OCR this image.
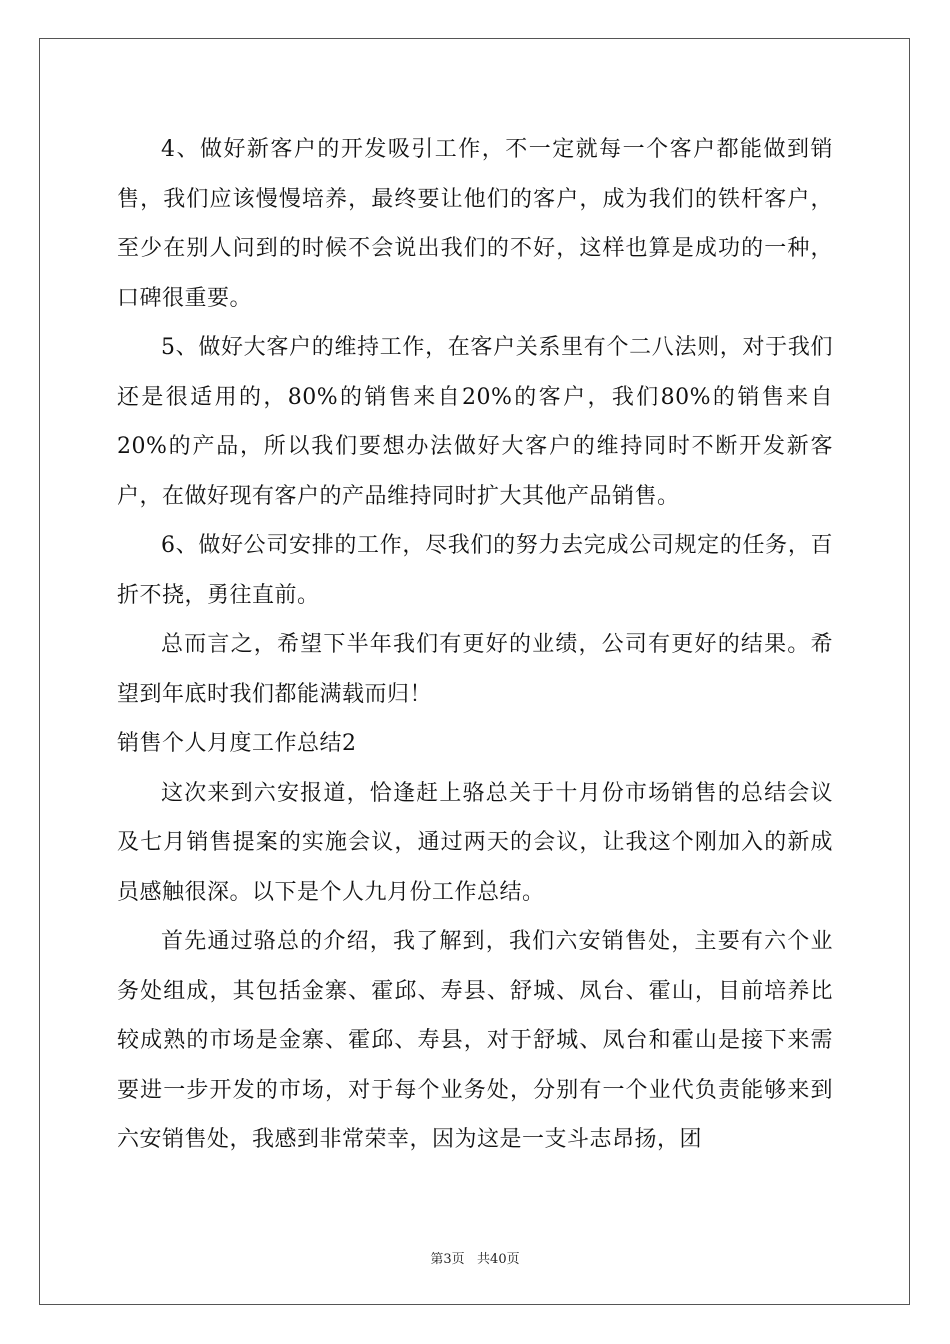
4、做好新客户的开发吸引工作，不一定就每一个客户都能做到销售，我们应该慢慢培养，最终要让他们的客户，成为我们的铁杆客户，至少在别人问到的时候不会说出我们的不好，这样也算是成功的一种，口碑很重要。

5、做好大客户的维持工作，在客户关系里有个二八法则，对于我们还是很适用的，80%的销售来自20%的客户，我们80%的销售来自20%的产品，所以我们要想办法做好大客户的维持同时不断开发新客户，在做好现有客户的产品维持同时扩大其他产品销售。

6、做好公司安排的工作，尽我们的努力去完成公司规定的任务，百折不挠，勇往直前。

总而言之，希望下半年我们有更好的业绩，公司有更好的结果。希望到年底时我们都能满载而归！

销售个人月度工作总结2

这次来到六安报道，恰逢赶上骆总关于十月份市场销售的总结会议及七月销售提案的实施会议，通过两天的会议，让我这个刚加入的新成员感触很深。以下是个人九月份工作总结。

首先通过骆总的介绍，我了解到，我们六安销售处，主要有六个业务处组成，其包括金寨、霍邱、寿县、舒城、凤台、霍山，目前培养比较成熟的市场是金寨、霍邱、寿县，对于舒城、凤台和霍山是接下来需要进一步开发的市场，对于每个业务处，分别有一个业代负责能够来到六安销售处，我感到非常荣幸，因为这是一支斗志昂扬，团

第3页   共40页
